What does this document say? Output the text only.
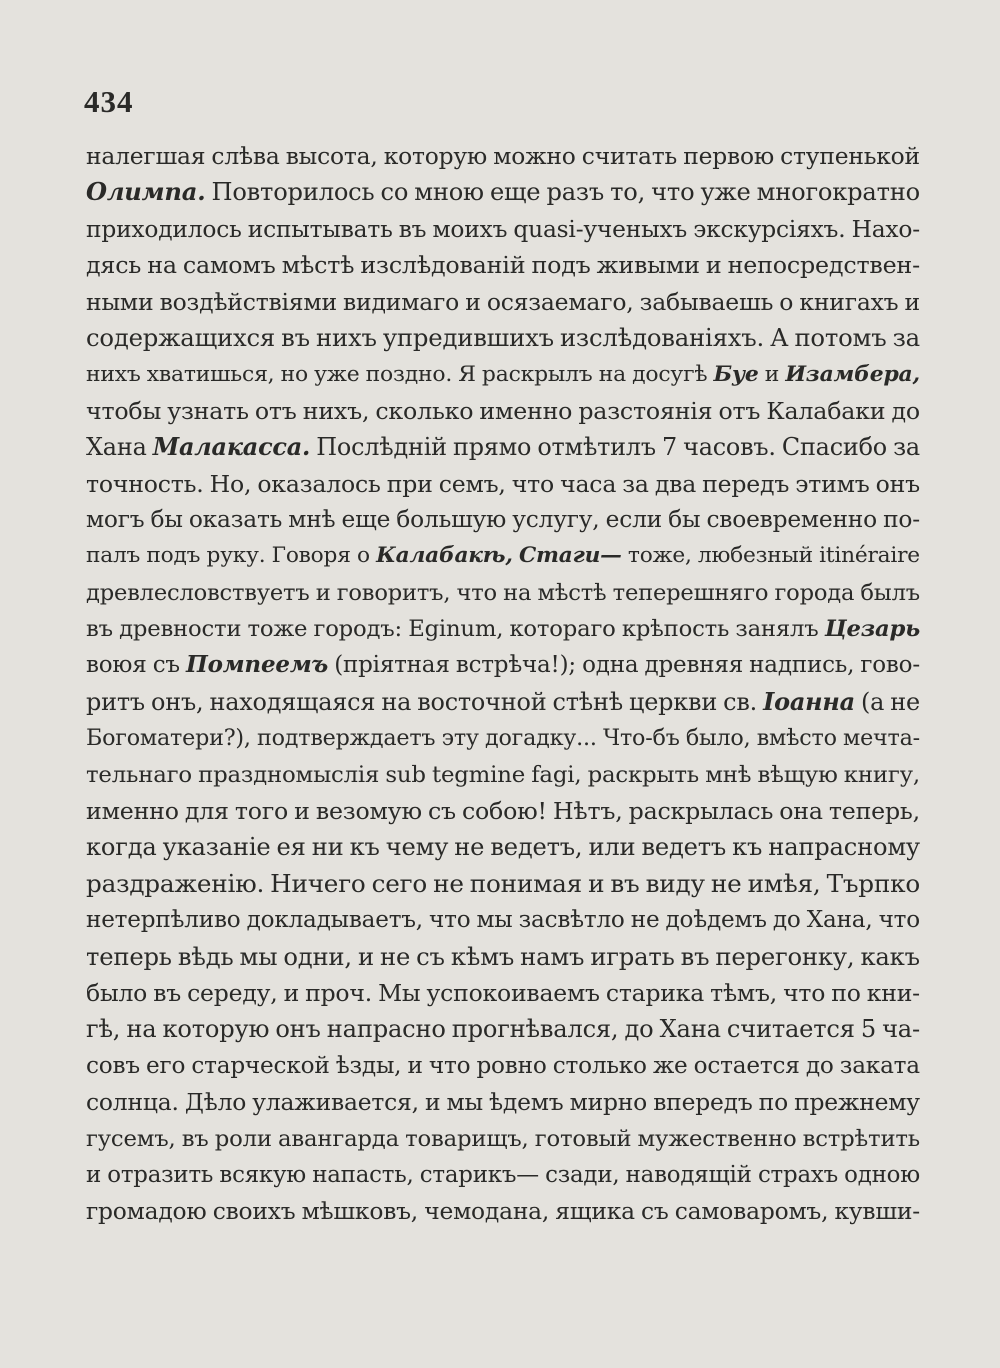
434
налегшая слѣва высота, которую можно считать первою ступенькой
Олимпа. Повторилось со мною еще разъ то, что уже многократно
приходилось испытывать въ моихъ quasi-ученыхъ экскурсіяхъ. Нахо-
дясь на самомъ мѣстѣ изслѣдованій подъ живыми и непосредствен-
ными воздѣйствіями видимаго и осязаемаго, забываешь о книгахъ и
содержащихся въ нихъ упредившихъ изслѣдованіяхъ. А потомъ за
нихъ хватишься, но уже поздно. Я раскрылъ на досугѣ Буе и Изамбера,
чтобы узнать отъ нихъ, сколько именно разстоянія отъ Калабаки до
Хана Малакасса. Послѣдній прямо отмѣтилъ 7 часовъ. Спасибо за
точность. Но, оказалось при семъ, что часа за два передъ этимъ онъ
могъ бы оказать мнѣ еще большую услугу, если бы своевременно по-
палъ подъ руку. Говоря о Калабакѣ, Стаги— тоже, любезный itinéraire
древлесловствуетъ и говоритъ, что на мѣстѣ теперешняго города былъ
въ древности тоже городъ: Eginum, котораго крѣпость занялъ Цезарь
воюя съ Помпеемъ (пріятная встрѣча!); одна древняя надпись, гово-
ритъ онъ, находящаяся на восточной стѣнѣ церкви св. Іоанна (а не
Богоматери?), подтверждаетъ эту догадку... Что-бъ было, вмѣсто мечта-
тельнаго праздномыслія sub tegmine fagi, раскрыть мнѣ вѣщую книгу,
именно для того и везомую съ собою! Нѣтъ, раскрылась она теперь,
когда указаніе ея ни къ чему не ведетъ, или ведетъ къ напрасному
раздраженію. Ничего сего не понимая и въ виду не имѣя, Търпко
нетерпѣливо докладываетъ, что мы засвѣтло не доѣдемъ до Хана, что
теперь вѣдь мы одни, и не съ кѣмъ намъ играть въ перегонку, какъ
было въ середу, и проч. Мы успокоиваемъ старика тѣмъ, что по кни-
гѣ, на которую онъ напрасно прогнѣвался, до Хана считается 5 ча-
совъ его старческой ѣзды, и что ровно столько же остается до заката
солнца. Дѣло улаживается, и мы ѣдемъ мирно впередъ по прежнему
гусемъ, въ роли авангарда товарищъ, готовый мужественно встрѣтить
и отразить всякую напасть, старикъ— сзади, наводящій страхъ одною
громадою своихъ мѣшковъ, чемодана, ящика съ самоваромъ, кувши-
